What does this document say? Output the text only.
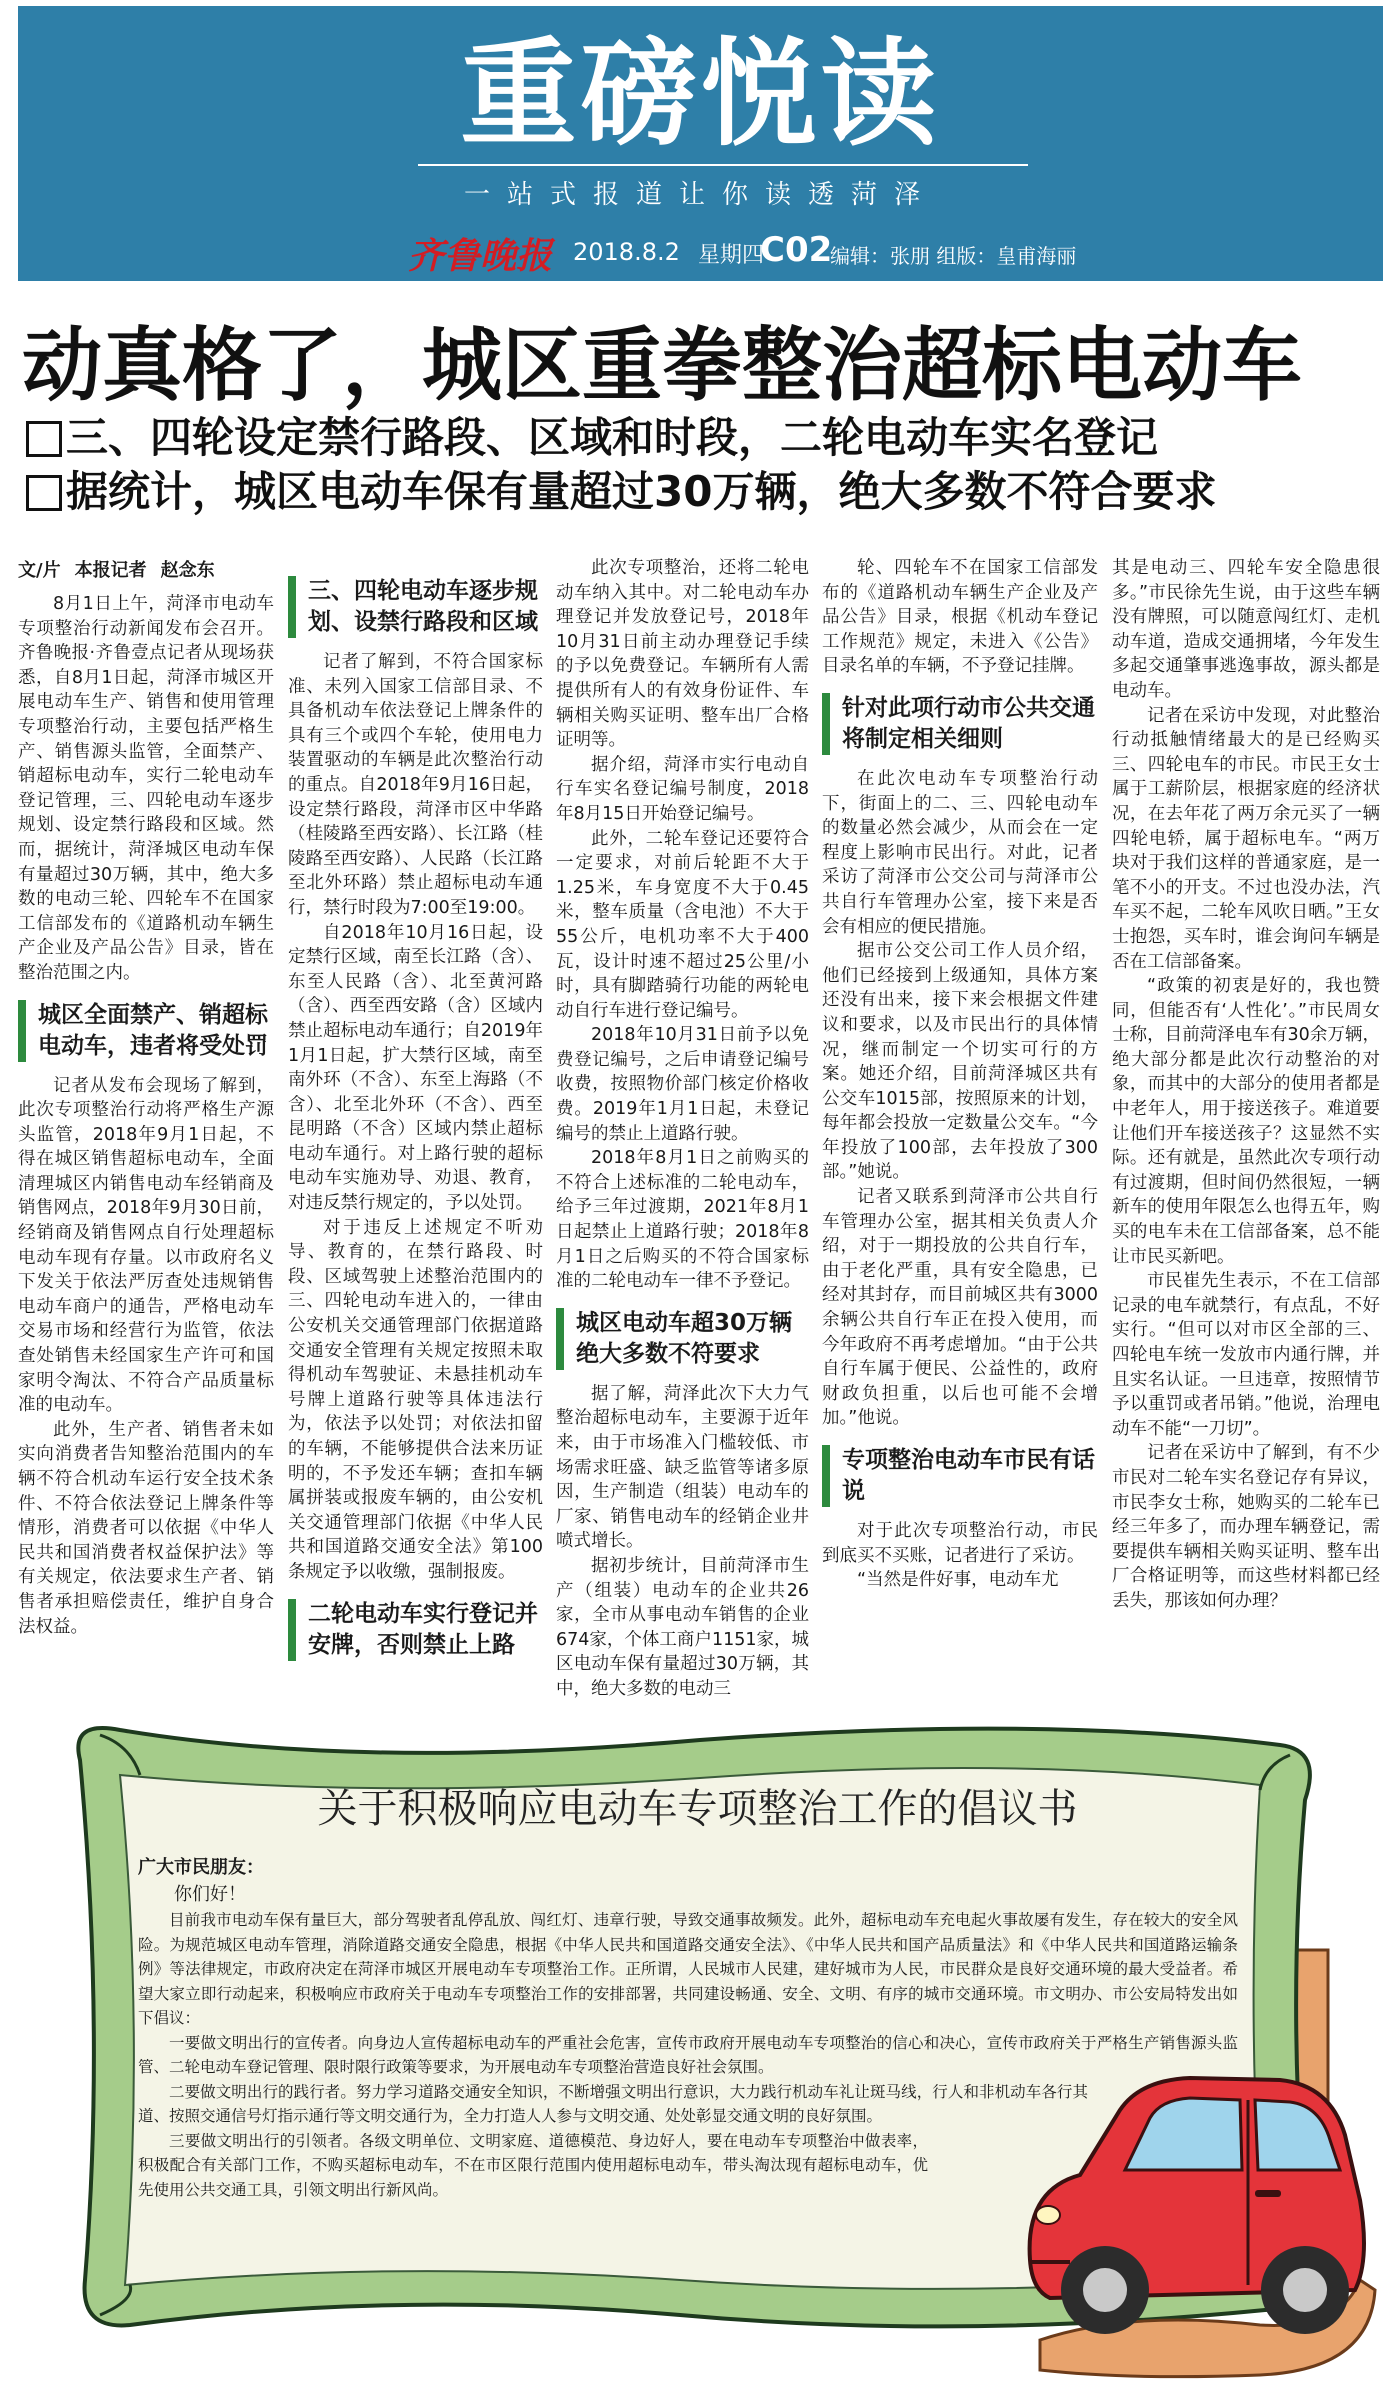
重磅悦读
一站式报道让你读透菏泽
齐鲁晚报 2018.8.2 星期四
C02
编辑：张朋 组版：皇甫海丽
动真格了，城区重拳整治超标电动车
三、四轮设定禁行路段、区域和时段，二轮电动车实名登记
据统计，城区电动车保有量超过30万辆，绝大多数不符合要求
文/片 本报记者 赵念东

8月1日上午，菏泽市电动车专项整治行动新闻发布会召开。齐鲁晚报·齐鲁壹点记者从现场获悉，自8月1日起，菏泽市城区开展电动车生产、销售和使用管理专项整治行动，主要包括严格生产、销售源头监管，全面禁产、销超标电动车，实行二轮电动车登记管理，三、四轮电动车逐步规划、设定禁行路段和区域。然而，据统计，菏泽城区电动车保有量超过30万辆，其中，绝大多数的电动三轮、四轮车不在国家工信部发布的《道路机动车辆生产企业及产品公告》目录，皆在整治范围之内。

城区全面禁产、销超标电动车，违者将受处罚

记者从发布会现场了解到，此次专项整治行动将严格生产源头监管，2018年9月1日起，不得在城区销售超标电动车，全面清理城区内销售电动车经销商及销售网点，2018年9月30日前，经销商及销售网点自行处理超标电动车现有存量。以市政府名义下发关于依法严厉查处违规销售电动车商户的通告，严格电动车交易市场和经营行为监管，依法查处销售未经国家生产许可和国家明令淘汰、不符合产品质量标准的电动车。

此外，生产者、销售者未如实向消费者告知整治范围内的车辆不符合机动车运行安全技术条件、不符合依法登记上牌条件等情形，消费者可以依据《中华人民共和国消费者权益保护法》等有关规定，依法要求生产者、销售者承担赔偿责任，维护自身合法权益。

三、四轮电动车逐步规划、设禁行路段和区域

记者了解到，不符合国家标准、未列入国家工信部目录、不具备机动车依法登记上牌条件的具有三个或四个车轮，使用电力装置驱动的车辆是此次整治行动的重点。自2018年9月16日起，设定禁行路段，菏泽市区中华路（桂陵路至西安路）、长江路（桂陵路至西安路）、人民路（长江路至北外环路）禁止超标电动车通行，禁行时段为7:00至19:00。

自2018年10月16日起，设定禁行区域，南至长江路（含）、东至人民路（含）、北至黄河路（含）、西至西安路（含）区域内禁止超标电动车通行；自2019年1月1日起，扩大禁行区域，南至南外环（不含）、东至上海路（不含）、北至北外环（不含）、西至昆明路（不含）区域内禁止超标电动车通行。对上路行驶的超标电动车实施劝导、劝退、教育，对违反禁行规定的，予以处罚。

对于违反上述规定不听劝导、教育的，在禁行路段、时段、区域驾驶上述整治范围内的三、四轮电动车进入的，一律由公安机关交通管理部门依据道路交通安全管理有关规定按照未取得机动车驾驶证、未悬挂机动车号牌上道路行驶等具体违法行为，依法予以处罚；对依法扣留的车辆，不能够提供合法来历证明的，不予发还车辆；查扣车辆属拼装或报废车辆的，由公安机关交通管理部门依据《中华人民共和国道路交通安全法》第100条规定予以收缴，强制报废。

二轮电动车实行登记并安牌，否则禁止上路

此次专项整治，还将二轮电动车纳入其中。对二轮电动车办理登记并发放登记号，2018年10月31日前主动办理登记手续的予以免费登记。车辆所有人需提供所有人的有效身份证件、车辆相关购买证明、整车出厂合格证明等。

据介绍，菏泽市实行电动自行车实名登记编号制度，2018年8月15日开始登记编号。

此外，二轮车登记还要符合一定要求，对前后轮距不大于1.25米，车身宽度不大于0.45米，整车质量（含电池）不大于55公斤，电机功率不大于400瓦，设计时速不超过25公里/小时，具有脚踏骑行功能的两轮电动自行车进行登记编号。

2018年10月31日前予以免费登记编号，之后申请登记编号收费，按照物价部门核定价格收费。2019年1月1日起，未登记编号的禁止上道路行驶。

2018年8月1日之前购买的不符合上述标准的二轮电动车，给予三年过渡期，2021年8月1日起禁止上道路行驶；2018年8月1日之后购买的不符合国家标准的二轮电动车一律不予登记。

城区电动车超30万辆绝大多数不符要求

据了解，菏泽此次下大力气整治超标电动车，主要源于近年来，由于市场准入门槛较低、市场需求旺盛、缺乏监管等诸多原因，生产制造（组装）电动车的厂家、销售电动车的经销企业井喷式增长。

据初步统计，目前菏泽市生产（组装）电动车的企业共26家，全市从事电动车销售的企业674家，个体工商户1151家，城区电动车保有量超过30万辆，其中，绝大多数的电动三

轮、四轮车不在国家工信部发布的《道路机动车辆生产企业及产品公告》目录，根据《机动车登记工作规范》规定，未进入《公告》目录名单的车辆，不予登记挂牌。

针对此项行动市公共交通将制定相关细则

在此次电动车专项整治行动下，街面上的二、三、四轮电动车的数量必然会减少，从而会在一定程度上影响市民出行。对此，记者采访了菏泽市公交公司与菏泽市公共自行车管理办公室，接下来是否会有相应的便民措施。

据市公交公司工作人员介绍，他们已经接到上级通知，具体方案还没有出来，接下来会根据文件建议和要求，以及市民出行的具体情况，继而制定一个切实可行的方案。她还介绍，目前菏泽城区共有公交车1015部，按照原来的计划，每年都会投放一定数量公交车。“今年投放了100部，去年投放了300部。”她说。

记者又联系到菏泽市公共自行车管理办公室，据其相关负责人介绍，对于一期投放的公共自行车，由于老化严重，具有安全隐患，已经对其封存，而目前城区共有3000余辆公共自行车正在投入使用，而今年政府不再考虑增加。“由于公共自行车属于便民、公益性的，政府财政负担重，以后也可能不会增加。”他说。

专项整治电动车市民有话说

对于此次专项整治行动，市民到底买不买账，记者进行了采访。

“当然是件好事，电动车尤

其是电动三、四轮车安全隐患很多。”市民徐先生说，由于这些车辆没有牌照，可以随意闯红灯、走机动车道，造成交通拥堵，今年发生多起交通肇事逃逸事故，源头都是电动车。

记者在采访中发现，对此整治行动抵触情绪最大的是已经购买三、四轮电车的市民。市民王女士属于工薪阶层，根据家庭的经济状况，在去年花了两万余元买了一辆四轮电轿，属于超标电车。“两万块对于我们这样的普通家庭，是一笔不小的开支。不过也没办法，汽车买不起，二轮车风吹日晒。”王女士抱怨，买车时，谁会询问车辆是否在工信部备案。

“政策的初衷是好的，我也赞同，但能否有‘人性化’。”市民周女士称，目前菏泽电车有30余万辆，绝大部分都是此次行动整治的对象，而其中的大部分的使用者都是中老年人，用于接送孩子。难道要让他们开车接送孩子？这显然不实际。还有就是，虽然此次专项行动有过渡期，但时间仍然很短，一辆新车的使用年限怎么也得五年，购买的电车未在工信部备案，总不能让市民买新吧。

市民崔先生表示，不在工信部记录的电车就禁行，有点乱，不好实行。“但可以对市区全部的三、四轮电车统一发放市内通行牌，并且实名认证。一旦违章，按照情节予以重罚或者吊销。”他说，治理电动车不能“一刀切”。

记者在采访中了解到，有不少市民对二轮车实名登记存有异议，市民李女士称，她购买的二轮车已经三年多了，而办理车辆登记，需要提供车辆相关购买证明、整车出厂合格证明等，而这些材料都已经丢失，那该如何办理？

关于积极响应电动车专项整治工作的倡议书
广大市民朋友：
你们好！

目前我市电动车保有量巨大，部分驾驶者乱停乱放、闯红灯、违章行驶，导致交通事故频发。此外，超标电动车充电起火事故屡有发生，存在较大的安全风险。为规范城区电动车管理，消除道路交通安全隐患，根据《中华人民共和国道路交通安全法》、《中华人民共和国产品质量法》和《中华人民共和国道路运输条例》等法律规定，市政府决定在菏泽市城区开展电动车专项整治工作。正所谓，人民城市人民建，建好城市为人民，市民群众是良好交通环境的最大受益者。希望大家立即行动起来，积极响应市政府关于电动车专项整治工作的安排部署，共同建设畅通、安全、文明、有序的城市交通环境。市文明办、市公安局特发出如下倡议：

一要做文明出行的宣传者。向身边人宣传超标电动车的严重社会危害，宣传市政府开展电动车专项整治的信心和决心，宣传市政府关于严格生产销售源头监管、二轮电动车登记管理、限时限行政策等要求，为开展电动车专项整治营造良好社会氛围。

二要做文明出行的践行者。努力学习道路交通安全知识，不断增强文明出行意识，大力践行机动车礼让斑马线，行人和非机动车各行其道、按照交通信号灯指示通行等文明交通行为，全力打造人人参与文明交通、处处彰显交通文明的良好氛围。

三要做文明出行的引领者。各级文明单位、文明家庭、道德模范、身边好人，要在电动车专项整治中做表率，积极配合有关部门工作，不购买超标电动车，不在市区限行范围内使用超标电动车，带头淘汰现有超标电动车，优先使用公共交通工具，引领文明出行新风尚。
